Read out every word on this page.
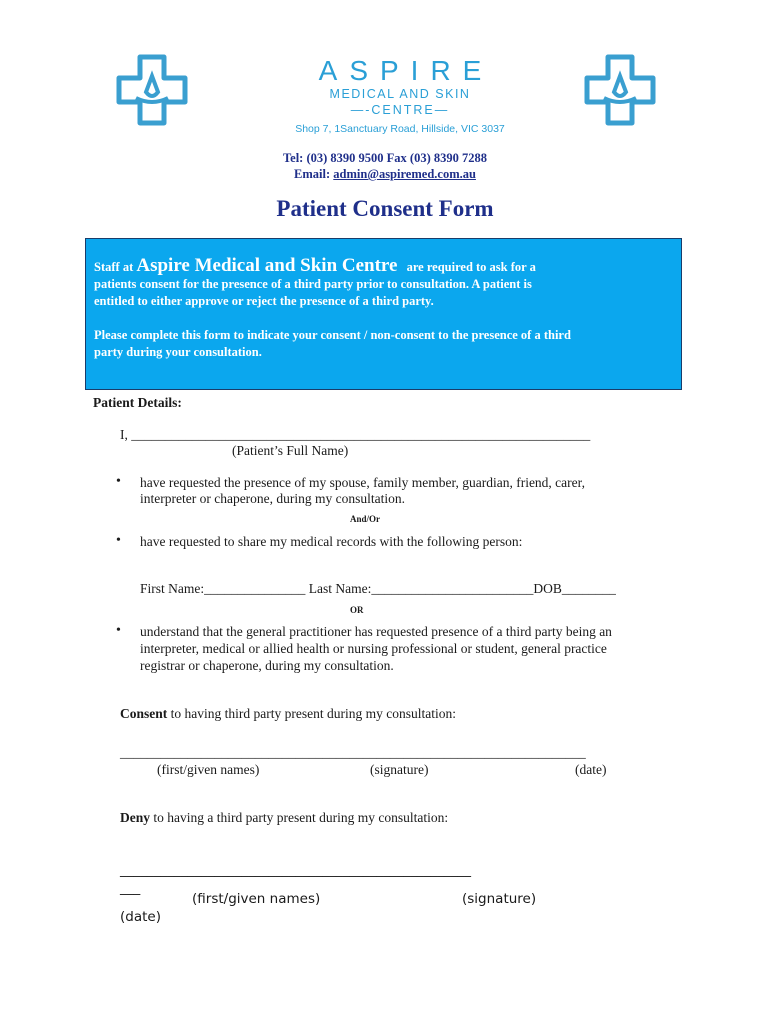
ASPIRE
MEDICAL AND SKIN
—-CENTRE—
Shop 7, 1Sanctuary Road, Hillside, VIC 3037
Tel: (03) 8390 9500 Fax (03) 8390 7288
Email: admin@aspiremed.com.au
Patient Consent Form

Staff at Aspire Medical and Skin Centre are required to ask for a

patients consent for the presence of a third party prior to consultation. A patient is

entitled to either approve or reject the presence of a third party.

Please complete this form to indicate your consent / non-consent to the presence of a third

party during your consultation.

Patient Details:
I, ____________________________________________________________________
(Patient’s Full Name)
• have requested the presence of my spouse, family member, guardian, friend, carer,
interpreter or chaperone, during my consultation.
And/Or
• have requested to share my medical records with the following person:
First Name:_______________ Last Name:________________________DOB________
OR
• understand that the general practitioner has requested presence of a third party being an
interpreter, medical or allied health or nursing professional or student, general practice
registrar or chaperone, during my consultation.
Consent to having third party present during my consultation:
_____________________________________________________________________
(first/given names)	(signature)	(date)
Deny to having a third party present during my consultation:
____________________________________________________
___
(first/given names)	(signature)
(date)
